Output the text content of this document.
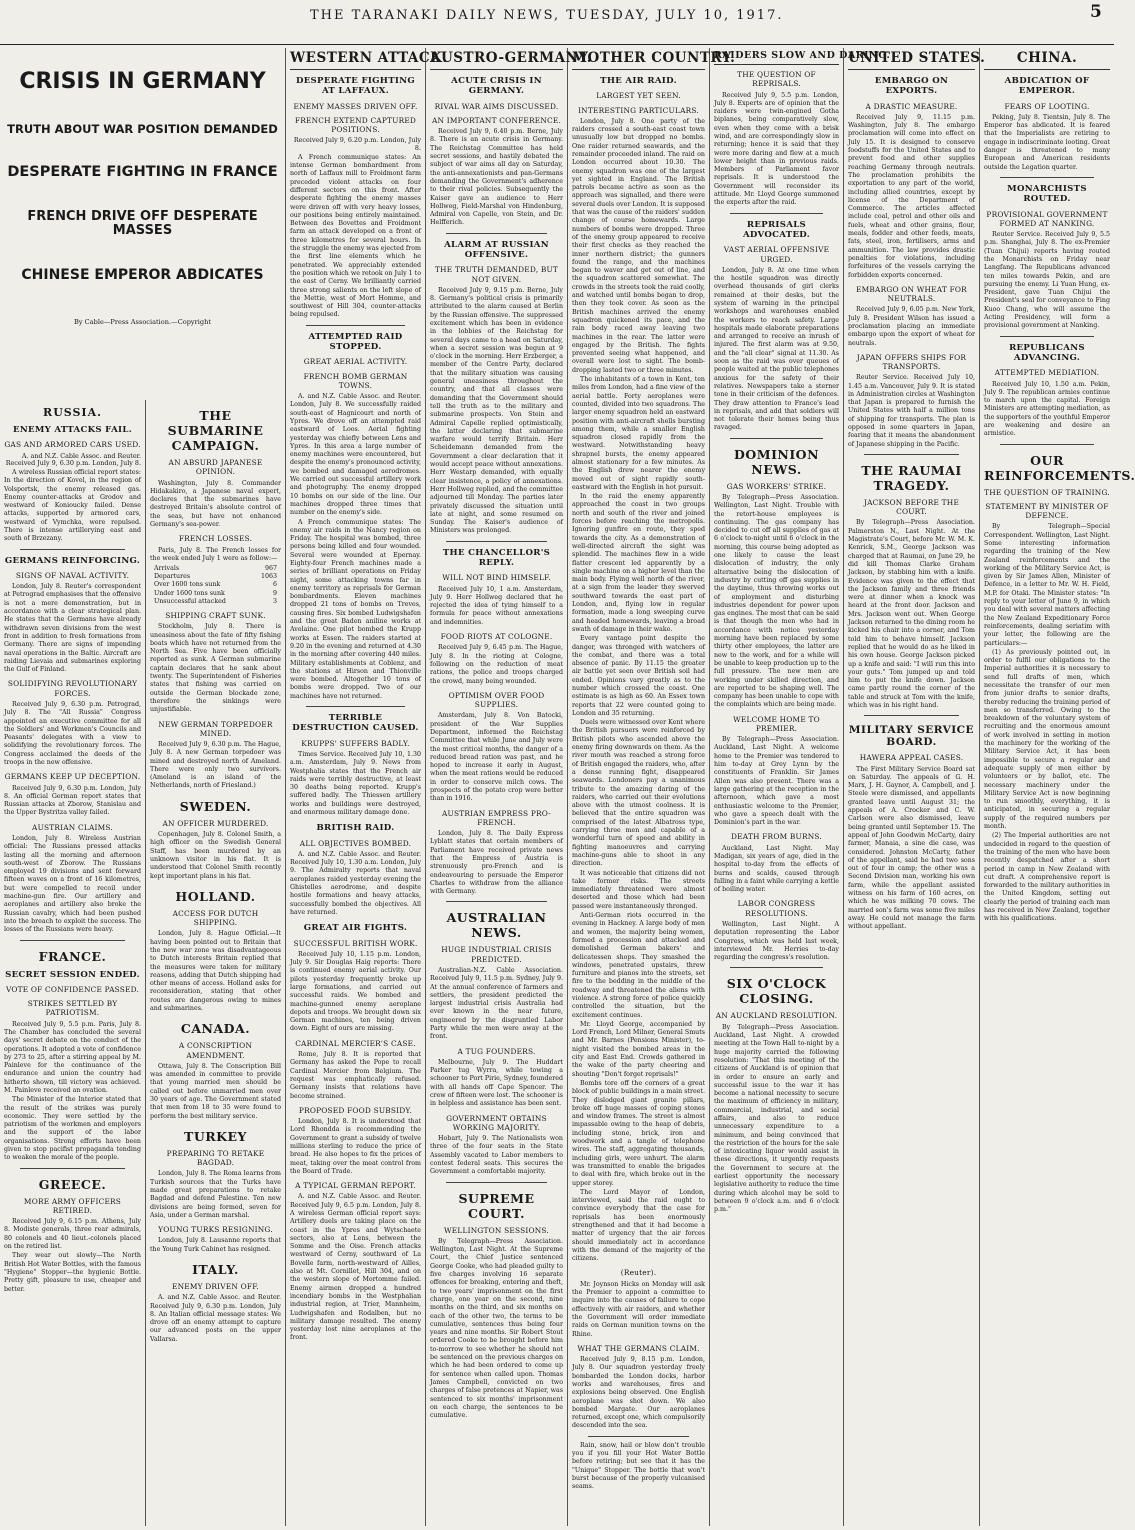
THE TARANAKI DAILY NEWS, TUESDAY, JULY 10, 1917.	5
CRISIS IN GERMANY
TRUTH ABOUT WAR POSITION DEMANDED
DESPERATE FIGHTING IN FRANCE
FRENCH DRIVE OFF DESPERATE MASSES
CHINESE EMPEROR ABDICATES
By Cable—Press Association.—Copyright
RUSSIA.
ENEMY ATTACKS FAIL.
GAS AND ARMORED CARS USED.
A. and N.Z. Cable Assoc. and Reuter. Received July 9, 6.30 p.m. London, July 8.

A wireless Russian official report states: In the direction of Kovel, in the region of Volsportsk, the enemy released gas. Enemy counter-attacks at Grodov and westward of Konioucky failed. Dense attacks, supported by armored cars, westward of Vymchka, were repulsed. There is intense artillerying east and south of Brzezany.

GERMANS REINFORCING.
SIGNS OF NAVAL ACTIVITY.

London, July 8. Reuter's correspondent at Petrograd emphasises that the offensive is not a mere demonstration, but in accordance with a clear strategical plan. He states that the Germans have already withdrawn seven divisions from the west front in addition to fresh formations from Germany. There are signs of impending naval operations in the Baltic. Aircraft are raiding Lievaia and submarines exploring the Gulf of Finland.

SOLIDIFYING REVOLUTIONARY FORCES.

Received July 9, 6.30 p.m. Petrograd, July 8. The "All Russia" Congress appointed an executive committee for all the Soldiers' and Workmen's Councils and Peasants' delegates with a view to solidifying the revolutionary forces. The Congress acclaimed the deeds of the troops in the new offensive.

GERMANS KEEP UP DECEPTION.

Received July 9, 6.30 p.m. London, July 8. An official German report states that Russian attacks at Zborow, Stanislau and the Upper Bystritza valley failed.

AUSTRIAN CLAIMS.

London, July 8. Wireless Austrian official: The Russians pressed attacks lasting all the morning and afternoon south-west of Zborow. The Russians employed 19 divisions and sent forward fifteen waves on a front of 16 kilometres, but were compelled to recoil under machine-gun fire. Our artillery and aeroplanes and artillery also broke the Russian cavalry, which had been pushed into the breach to exploit the success. The losses of the Russians were heavy.

FRANCE.
SECRET SESSION ENDED.
VOTE OF CONFIDENCE PASSED.
STRIKES SETTLED BY PATRIOTISM.

Received July 9, 5.5 p.m. Paris, July 8. The Chamber has concluded the several days' secret debate on the conduct of the operations. It adopted a vote of confidence by 273 to 25, after a stirring appeal by M. Painleve for the continuance of the endurance and union the country had hitherto shown, till victory was achieved. M. Painleve received an ovation.

The Minister of the Interior stated that the result of the strikes was purely economic. They were settled by the patriotism of the workmen and employers and the support of the labor organisations. Strong efforts have been given to stop pacifist propaganda tending to weaken the morale of the people.

GREECE.
MORE ARMY OFFICERS RETIRED.

Received July 9, 6.15 p.m. Athens, July 8. Modiste generals, three rear admirals, 80 colonels and 40 lieut.-colonels placed on the retired list.

They wear out slowly—The North British Hot Water Bottles, with the famous "Hygiene" Stopper—the hygienic Bottle. Pretty gift, pleasure to use, cheaper and better.

THE SUBMARINE CAMPAIGN.
AN ABSURD JAPANESE OPINION.

Washington, July 8. Commander Hidakakiro, a Japanese naval expert, declares that the submarines have destroyed Britain's absolute control of the seas, but have not enhanced Germany's sea-power.

FRENCH LOSSES.

Paris, July 8. The French losses for the week ended July 1 were as follow:—

Arrivals	967
Departures	1063
Over 1600 tons sunk	6
Under 1600 tons sunk	9
Unsuccessful attacked	3
SHIPPING CRAFT SUNK.

Stockholm, July 8. There is uneasiness about the fate of fifty fishing boats which have not returned from the North Sea. Five have been officially reported as sunk. A German submarine captain declares that he sank about twenty. The Superintendent of Fisheries states that fishing was carried on outside the German blockade zone, therefore the sinkings were unjustifiable.

NEW GERMAN TORPEDOER MINED.

Received July 9, 6.30 p.m. The Hague, July 8. A new German torpedoer was mined and destroyed north of Ameland. There were only two survivors. (Ameland is an island of the Netherlands, north of Friesland.)

SWEDEN.
AN OFFICER MURDERED.

Copenhagen, July 8. Colonel Smith, a high officer on the Swedish General Staff, has been murdered by an unknown visitor in his flat. It is understood that Colonel Smith recently kept important plans in his flat.

HOLLAND.
ACCESS FOR DUTCH SHIPPING.

London, July 8. Hague Official.—It having been pointed out to Britain that the new war zone was disadvantageous to Dutch interests Britain replied that the measures were taken for military reasons, adding that Dutch shipping had other means of access. Holland asks for reconsideration, stating that other routes are dangerous owing to mines and submarines.

CANADA.
A CONSCRIPTION AMENDMENT.

Ottawa, July 8. The Conscription Bill was amended in committee to provide that young married men should be called out before unmarried men over 30 years of age. The Government stated that men from 18 to 35 were found to perform the best military service.

TURKEY
PREPARING TO RETAKE BAGDAD.

London, July 8. The Roma learns from Turkish sources that the Turks have made great preparations to retake Bagdad and defend Palestine. Ten new divisions are being formed, seven for Asia, under a German marshal.

YOUNG TURKS RESIGNING.

London, July 8. Lausanne reports that the Young Turk Cabinet has resigned.

ITALY.
ENEMY DRIVEN OFF.

A. and N.Z. Cable Assoc. and Reuter. Received July 9, 6.30 p.m. London, July 8. An Italian official message states: We drove off an enemy attempt to capture our advanced posts on the upper Vallarsa.

WESTERN ATTACK.
DESPERATE FIGHTING AT LAFFAUX.
ENEMY MASSES DRIVEN OFF.
FRENCH EXTEND CAPTURED POSITIONS.
Received July 9, 6.20 p.m. London, July 8.

A French communique states: An intense German bombardment from north of Laffaux mill to Froidmont farm preceded violent attacks on four different sectors on this front. After desperate fighting the enemy masses were driven off with very heavy losses, our positions being entirely maintained. Between des Bovettes and Froidmont farm an attack developed on a front of three kilometres for several hours. In the struggle the enemy was ejected from the first line elements which he penetrated. We appreciably extended the position which we retook on July 1 to the east of Cerny. We brilliantly carried three strong salients on the left slope of the Mettie, west of Mort Homme, and southwest of Hill 304, counter-attacks being repulsed.

ATTEMPTED RAID STOPPED.
GREAT AERIAL ACTIVITY.
FRENCH BOMB GERMAN TOWNS.

A. and N.Z. Cable Assoc. and Reuter. London, July 8. We successfully raided south-east of Hagnicourt and north of Ypres. We drove off an attempted raid eastward of Loos. Aerial fighting yesterday was chiefly between Lens and Ypres. In this area a large number of enemy machines were encountered, but despite the enemy's pronounced activity, we bombed and damaged aerodromes. We carried out successful artillery work and photography. The enemy dropped 10 bombs on our side of the line. Our machines dropped three times that number on the enemy's side.

A French communique states: The enemy air raids in the Nancy region on Friday. The hospital was bombed, three persons being killed and four wounded. Several were wounded at Epernay. Eighty-four French machines made a series of brilliant operations on Friday night, some attacking towns far in enemy territory as reprisals for German bombardments. Eleven machines dropped 21 tons of bombs on Treves, causing fires. Six bombed Ludwigshafen and the great Baden aniline works at Avelaine. One pilot bombed the Krupp works at Essen. The raiders started at 9.20 in the evening and returned at 4.30 in the morning after covering 440 miles. Military establishments at Coblenz, and the stations at Hirson and Thionville were bombed. Altogether 10 tons of bombs were dropped. Two of our machines have not returned.

TERRIBLE DESTRUCTION CAUSED.
KRUPPS' SUFFERS BADLY.

Times Service. Received July 10, 1.30 a.m. Amsterdam, July 9. News from Westphalia states that the French air raids were terribly destructive, at least 30 deaths being reported. Krupp's suffered badly. The Thiessen artillery works and buildings were destroyed, and enormous military damage done.

BRITISH RAID.
ALL OBJECTIVES BOMBED.

A. and N.Z. Cable Assoc. and Reuter. Received July 10, 1.30 a.m. London, July 9. The Admiralty reports that naval aeroplanes raided yesterday evening the Ghistelles aerodrome, and despite hostile formations and heavy attacks, successfully bombed the objectives. All have returned.

GREAT AIR FIGHTS.
SUCCESSFUL BRITISH WORK.

Received July 10, 1.15 p.m. London, July 9. Sir Douglas Haig reports: There is continued enemy aerial activity. Our pilots yesterday frequently broke up large formations, and carried out successful raids. We bombed and machine-gunned enemy aeroplane depots and troops. We brought down six German machines, ten being driven down. Eight of ours are missing.

CARDINAL MERCIER'S CASE.

Rome, July 8. It is reported that Germany has asked the Pope to recall Cardinal Mercier from Belgium. The request was emphatically refused. Germany insists that relations have become strained.

PROPOSED FOOD SUBSIDY.

London, July 8. It is understood that Lord Rhondda is recommending the Government to grant a subsidy of twelve millions sterling to reduce the price of bread. He also hopes to fix the prices of meat, taking over the meat control from the Board of Trade.

A TYPICAL GERMAN REPORT.

A. and N.Z. Cable Assoc. and Reuter. Received July 9, 6.5 p.m. London, July 8. A wireless German official report says: Artillery duels are taking place on the coast in the Ypres and Wytschaete sectors, also at Lens, between the Somme and the Oise. French attacks westward of Cerny, southward of La Bovelle farm, north-westward of Ailles, also at Mt. Cornillet, Hill 304, and on the western slope of Mortomme failed. Enemy airmen dropped a hundred incendiary bombs in the Westphalian industrial region, at Trier, Mannheim, Ludwigshafen and Rodalben, but no military damage resulted. The enemy yesterday lost nine aeroplanes at the front.

AUSTRO-GERMANY.
ACUTE CRISIS IN GERMANY.
RIVAL WAR AIMS DISCUSSED.
AN IMPORTANT CONFERENCE.

Received July 9, 6.40 p.m. Berne, July 8. There is an acute crisis in Germany. The Reichstag Committee has held secret sessions, and hastily debated the subject of war aims all day on Saturday, the anti-annexationists and pan-Germans demanding the Government's adherence to their rival policies. Subsequently the Kaiser gave an audience to Herr Hollweg, Field-Marshal von Hindenburg, Admiral von Capelle, von Stein, and Dr. Helfferich.

ALARM AT RUSSIAN OFFENSIVE.
THE TRUTH DEMANDED, BUT NOT GIVEN.

Received July 9, 9.15 p.m. Berne, July 8. Germany's political crisis is primarily attributed to the alarm caused at Berlin by the Russian offensive. The suppressed excitement which has been in evidence in the lobbies of the Reichstag for several days came to a head on Saturday, when a secret session was begun at 9 o'clock in the morning. Herr Erzberger, a member of the Centre Party, declared that the military situation was causing general uneasiness throughout the country, and that all classes were demanding that the Government should tell the truth as to the military and submarine prospects. Von Stein and Admiral Capelle replied optimistically, the latter declaring that submarine warfare would terrify Britain. Herr Scheidemann demanded from the Government a clear declaration that it would accept peace without annexations. Herr Westarp demanded, with equally clear insistence, a policy of annexations. Herr Hollweg replied, and the committee adjourned till Monday. The parties later privately discussed the situation until late at night, and some resumed on Sunday. The Kaiser's audience of Ministers was prolonged.

THE CHANCELLOR'S REPLY.
WILL NOT BIND HIMSELF.

Received July 10, 1 a.m. Amsterdam, July 9. Herr Hollweg declared that he rejected the idea of tying himself to a formula for peace without annexations and indemnities.

FOOD RIOTS AT COLOGNE.

Received July 9, 6.45 p.m. The Hague, July 8. In the rioting at Cologne, following on the reduction of meat rations, the police and troops charged the crowd, many being wounded.

OPTIMISM OVER FOOD SUPPLIES.

Amsterdam, July 8. Von Batocki, president of the War Supplies Department, informed the Reichstag Committee that while June and July were the most critical months, the danger of a reduced bread ration was past, and he hoped to increase it early in August, when the meat rations would be reduced in order to conserve milch cows. The prospects of the potato crop were better than in 1916.

AUSTRIAN EMPRESS PRO-FRENCH.

London, July 8. The Daily Express Lyblatt states that certain members of Parliament have received private news that the Empress of Austria is strenuously pro-French and is endeavouring to persuade the Emperor Charles to withdraw from the alliance with Germany.

AUSTRALIAN NEWS.
HUGE INDUSTRIAL CRISIS PREDICTED.

Australian-N.Z. Cable Association. Received July 9, 11.5 p.m. Sydney, July 9. At the annual conference of farmers and settlers, the president predicted the largest industrial crisis Australia had ever known in the near future, engineered by the disgruntled Labor Party while the men were away at the front.

A TUG FOUNDERS.

Melbourne, July 9. The Huddart Parker tug Wyrra, while towing a schooner to Port Pirie, Sydney, foundered with all hands off Cape Spencer. The crew of fifteen were lost. The schooner is in helpless and assistance has been sent.

GOVERNMENT OBTAINS WORKING MAJORITY.

Hobart, July 9. The Nationalists won three of the four seats in the State Assembly vacated to Labor members to contest federal seats. This secures the Government a comfortable majority.

SUPREME COURT.
WELLINGTON SESSIONS.

By Telegraph—Press Association. Wellington, Last Night. At the Supreme Court, the Chief Justice sentenced George Cooke, who had pleaded guilty to five charges involving 16 separate offences for breaking, entering and theft, to two years' imprisonment on the first charge, one year on the second, nine months on the third, and six months on each of the other two, the terms to be cumulative, sentences thus being four years and nine months. Sir Robert Stout ordered Cooke to be brought before him to-morrow to see whether he should not be sentenced on the previous charges on which he had been ordered to come up for sentence when called upon. Thomas James Campbell, convicted on two charges of false pretences at Napier, was sentenced to six months' imprisonment on each charge, the sentences to be cumulative.

MOTHER COUNTRY.
THE AIR RAID.
LARGEST YET SEEN.
INTERESTING PARTICULARS.

London, July 8. One party of the raiders crossed a south-east coast town unusually low but dropped no bombs. One raider returned seawards, and the remainder proceeded inland. The raid on London occurred about 10.30. The enemy squadron was one of the largest yet sighted in England. The British patrols became active as soon as the approach was signalled, and there were several duels over London. It is supposed that was the cause of the raiders' sudden change of course homewards. Large numbers of bombs were dropped. Three of the enemy group appeared to receive their first checks as they reached the inner northern district; the gunners found the range, and the machines began to waver and get out of line, and the squadron scattered somewhat. The crowds in the streets took the raid coolly, and watched until bombs began to drop, then they took cover. As soon as the British machines arrived the enemy squadron quickened its pace, and the rain body raced away leaving two machines in the rear. The latter were engaged by the British. The fights prevented seeing what happened, and overall were lost to sight. The bomb-dropping lasted two or three minutes.

The inhabitants of a town in Kent, ten miles from London, had a fine view of the aerial battle. Forty aeroplanes were counted, divided into two squadrons. The larger enemy squadron held an eastward position with anti-aircraft shells bursting among them, while a smaller English squadron closed rapidly from the westward. Notwithstanding heavy shrapnel bursts, the enemy appeared almost stationary for a few minutes. As the English drew nearer the enemy moved out of sight rapidly south-eastward with the English in hot pursuit.

In the raid the enemy apparently approached the coast in two groups north and south of the river and joined forces before reaching the metropolis. Ignoring gunfire en route, they sped towards the city. As a demonstration of well-directed aircraft the sight was splendid. The machines flew in a wide flatter crescent led apparently by a single machine on a higher level than the main body. Flying well north of the river, at a sign from the leader they swerved southward towards the east part of London, and, flying low in regular formation, made a long sweeping curve and headed homewards, leaving a broad swath of damage in their wake.

Every vantage point despite the danger, was thronged with watchers of the combat, and there was a total absence of panic. By 11.15 the greater air battle yet seen over British soil had ended. Opinions vary greatly as to the number which crossed the coast. One estimate is as high as 60. An Essex town reports that 22 were counted going to London and 35 returning.

Duels were witnessed over Kent where the British pursuers were reinforced by British pilots who ascended above the enemy firing downwards on them. As the river mouth was reached a strong force of British engaged the raiders, who, after a dense running fight, disappeared seawards. Londoners pay a unanimous tribute to the amazing daring of the raiders, who carried out their evolutions above with the utmost coolness. It is believed that the entire squadron was comprised of the latest Albatross type, carrying three men and capable of a wonderful turn of speed and ability in fighting manoeuvres and carrying machine-guns able to shoot in any direction.

It was noticeable that citizens did not take former risks. The streets immediately threatened were almost deserted and those which had been passed were instantaneously thronged.

Anti-German riots occurred in the evening in Hackney. A large body of men and women, the majority being women, formed a procession and attacked and demolished German bakers' and delicatessen shops. They smashed the windows, penetrated upstairs, threw furniture and pianos into the streets, set fire to the bedding in the middle of the roadway and threatened the aliens with violence. A strong force of police quickly controlled the situation, but the excitement continues.

Mr. Lloyd George, accompanied by Lord French, Lord Milner, General Smuts and Mr. Barnes (Pensions Minister), to-night visited the bombed areas in the city and East End. Crowds gathered in the wake of the party cheering and shouting "Don't forget reprisals!"

Bombs tore off the corners of a great block of public buildings in a main street. They dislodged giant granite pillars, broke off huge masses of coping stones and window frames. The street is almost impassable owing to the heap of debris, including stone, brick, iron and woodwork and a tangle of telephone wires. The staff, aggregating thousands, including girls, were unhurt. The alarm was transmitted to enable the brigades to deal with fire, which broke out in the upper storey.

The Lord Mayor of London, interviewed, said the raid ought to convince everybody that the case for reprisals has been enormously strengthened and that it had become a matter of urgency that the air forces should immediately act in accordance with the demand of the majority of the citizens.

(Reuter).

Mr. Joynson Hicks on Monday will ask the Premier to appoint a committee to inquire into the causes of failure to cope effectively with air raiders, and whether the Government will order immediate raids on German munition towns on the Rhine.

WHAT THE GERMANS CLAIM.

Received July 9, 8.15 p.m. London, July 8. Our squadron yesterday freely bombarded the London docks, harbor works and warehouses, fires and explosions being observed. One English aeroplane was shot down. We also bombed Margate. Our aeroplanes returned, except one, which compulsorily descended into the sea.

Rain, snow, hail or blow don't trouble you if you fill your Hot Water Bottle before retiring; but see that it has the "Unique" Stopper. The bottle that won't burst because of the properly vulcanised seams.

RAIDERS SLOW AND DARING.
THE QUESTION OF REPRISALS.

Received July 9, 5.5 p.m. London, July 8. Experts are of opinion that the raiders were twin-engined Gotha biplanes, being comparatively slow, even when they come with a brisk wind, and are correspondingly slow in returning; hence it is said that they were more daring and flew at a much lower height than in previous raids. Members of Parliament favor reprisals. It is understood the Government will reconsider its attitude. Mr. Lloyd George summoned the experts after the raid.

REPRISALS ADVOCATED.
VAST AERIAL OFFENSIVE URGED.

London, July 8. At one time when the hostile squadron was directly overhead thousands of girl clerks remained at their desks, but the system of warning in the principal workshops and warehouses enabled the workers to reach safety. Large hospitals made elaborate preparations and arranged to receive an inrush of injured. The first alarm was at 9.50, and the "all clear" signal at 11.30. As soon as the raid was over queues of people waited at the public telephones anxious for the safety of their relatives. Newspapers take a sterner tone in their criticism of the defences. They draw attention to France's lead in reprisals, and add that soldiers will not tolerate their homes being thus ravaged.

DOMINION NEWS.
GAS WORKERS' STRIKE.

By Telegraph—Press Association. Wellington, Last Night. Trouble with the retort-house employees is continuing. The gas company has decided to cut off all supplies of gas at 6 o'clock to-night until 6 o'clock in the morning, this course being adopted as one likely to cause the least dislocation of industry, the only alternative being the dislocation of industry by cutting off gas supplies in the daytime, thus throwing works out of employment and disturbing industries dependent for power upon gas engines. The most that can be said is that though the men who had in accordance with notice yesterday morning have been replaced by some thirty other employees, the latter are new to the work, and for a while will be unable to keep production up to the full pressure. The new men are working under skilled direction, and are reported to be shaping well. The company has been unable to cope with the complaints which are being made.

WELCOME HOME TO PREMIER.

By Telegraph—Press Association. Auckland, Last Night. A welcome home to the Premier was tendered to him to-day at Grey Lynn by the constituents of Franklin. Sir James Allen was also present. There was a large gathering at the reception in the afternoon, which gave a most enthusiastic welcome to the Premier, who gave a speech dealt with the Dominion's part in the war.

DEATH FROM BURNS.

Auckland, Last Night. May Madigan, six years of age, died in the hospital to-day from the effects of burns and scalds, caused through falling in a faint while carrying a kettle of boiling water.

LABOR CONGRESS RESOLUTIONS.

Wellington, Last Night. A deputation representing the Labor Congress, which was held last week, interviewed Mr. Herries to-day regarding the congress's resolution.

SIX O'CLOCK CLOSING.
AN AUCKLAND RESOLUTION.

By Telegraph—Press Association. Auckland, Last Night. A crowded meeting at the Town Hall to-night by a huge majority carried the following resolution: "That this meeting of the citizens of Auckland is of opinion that in order to ensure an early and successful issue to the war it has become a national necessity to secure the maximum of efficiency in military, commercial, industrial, and social affairs, and also to reduce unnecessary expenditure to a minimum, and being convinced that the restriction of the hours for the sale of intoxicating liquor would assist in these directions, it urgently requests the Government to secure at the earliest opportunity the necessary legislative authority to reduce the time during which alcohol may be sold to between 9 o'clock a.m. and 6 o'clock p.m."

UNITED STATES.
EMBARGO ON EXPORTS.
A DRASTIC MEASURE.

Received July 9, 11.15 p.m. Washington, July 8. The embargo proclamation will come into effect on July 15. It is designed to conserve foodstuffs for the United States and to prevent food and other supplies reaching Germany through neutrals. The proclamation prohibits the exportation to any part of the world, including allied countries, except by license of the Department of Commerce. The articles affected include coal, petrol and other oils and fuels, wheat and other grains, flour, meals, fodder and other feeds, meats, fats, steel, iron, fertilisers, arms and ammunition. The law provides drastic penalties for violations, including forfeitures of the vessels carrying the forbidden exports concerned.

EMBARGO ON WHEAT FOR NEUTRALS.

Received July 9, 6.05 p.m. New York, July 8. President Wilson has issued a proclamation placing an immediate embargo upon the export of wheat for neutrals.

JAPAN OFFERS SHIPS FOR TRANSPORTS.

Reuter Service. Received July 10, 1.45 a.m. Vancouver, July 9. It is stated in Administration circles at Washington that Japan is prepared to furnish the United States with half a million tons of shipping for transports. The plan is opposed in some quarters in Japan, fearing that it means the abandonment of Japanese shipping in the Pacific.

THE RAUMAI TRAGEDY.
JACKSON BEFORE THE COURT.

By Telegraph—Press Association. Palmerston N., Last Night. At the Magistrate's Court, before Mr. W. M. K. Kenrick, S.M., George Jackson was charged that at Raumai, on June 29, he did kill Thomas Clarke Graham Jackson, by stabbing him with a knife. Evidence was given to the effect that the Jackson family and three friends were at dinner when a knock was heard at the front door. Jackson and Mrs. Jackson went out. When George Jackson returned to the dining room he kicked his chair into a corner, and Tom told him to behave himself. Jackson replied that he would do as he liked in his own house. George Jackson picked up a knife and said: "I will run this into your guts." Tom jumped up and told him to put the knife down. Jackson came partly round the corner of the table and struck at Tom with the knife, which was in his right hand.

MILITARY SERVICE BOARD.
HAWERA APPEAL CASES.

The First Military Service Board sat on Saturday. The appeals of G. H. Marx, J. H. Gaynor, A. Campbell, and J. Steele were dismissed, and appellants granted leave until August 31; the appeals of A. Crocker and C. W. Carlson were also dismissed, leave being granted until September 15. The appeal of John Goodwin McCarty, dairy farmer, Manaia, a sine die case, was considered. Johnston McCarty, father of the appellant, said he had two sons out of four in camp; the other was a Second Division man, working his own farm, while the appellant assisted witness on his farm of 160 acres, on which he was milking 70 cows. The married son's farm was some five miles away. He could not manage the farm without appellant.

CHINA.
ABDICATION OF EMPEROR.
FEARS OF LOOTING.

Peking, July 8. Tientsin, July 8. The Emperor has abdicated. It is feared that the Imperialists are retiring to engage in indiscriminate looting. Great danger is threatened to many European and American residents outside the Legation quarter.

MONARCHISTS ROUTED.
PROVISIONAL GOVERNMENT FORMED AT NANKING.

Reuter Service. Received July 9, 5.5 p.m. Shanghai, July 8. The ex-Premier (Tuan Chijui) reports having routed the Monarchists on Friday near Langfang. The Republicans advanced ten miles towards Pekin, and are pursuing the enemy. Li Yuan Hung, ex-President, gave Tuan Chijui the President's seal for conveyance to Fing Kuoo Chang, who will assume the Acting Presidency, will form a provisional government at Nanking.

REPUBLICANS ADVANCING.
ATTEMPTED MEDIATION.

Received July 10, 1.50 a.m. Pekin, July 9. The republican armies continue to march upon the capital. Foreign Ministers are attempting mediation, as the supporters of the youthful Emperor are weakening and desire an armistice.

OUR REINFORCEMENTS.
THE QUESTION OF TRAINING.
STATEMENT BY MINISTER OF DEFENCE.

By Telegraph—Special Correspondent. Wellington, Last Night. Some interesting information regarding the training of the New Zealand reinforcements and the working of the Military Service Act, is given by Sir James Allen, Minister of Defence, in a letter to Mr. W. H. Field, M.P. for Otaki. The Minister states: "In reply to your letter of June 9, in which you deal with several matters affecting the New Zealand Expeditionary Force reinforcements, dealing seriatim with your letter, the following are the particulars:—

(1) As previously pointed out, in order to fulfil our obligations to the Imperial authorities it is necessary to send full drafts of men, which necessitate the transfer of our men from junior drafts to senior drafts, thereby reducing the training period of men so transferred. Owing to the breakdown of the voluntary system of recruiting and the enormous amount of work involved in setting in motion the machinery for the working of the Military Service Act, it has been impossible to secure a regular and adequate supply of men either by volunteers or by ballot, etc. The necessary machinery under the Military Service Act is now beginning to run smoothly, everything, it is anticipated, in securing a regular supply of the required numbers per month.

(2) The Imperial authorities are not undecided in regard to the question of the training of the men who have been recently despatched after a short period in camp in New Zealand with cut draft. A comprehensive report is forwarded to the military authorities in the United Kingdom, setting out clearly the period of training each man has received in New Zealand, together with his qualifications.
